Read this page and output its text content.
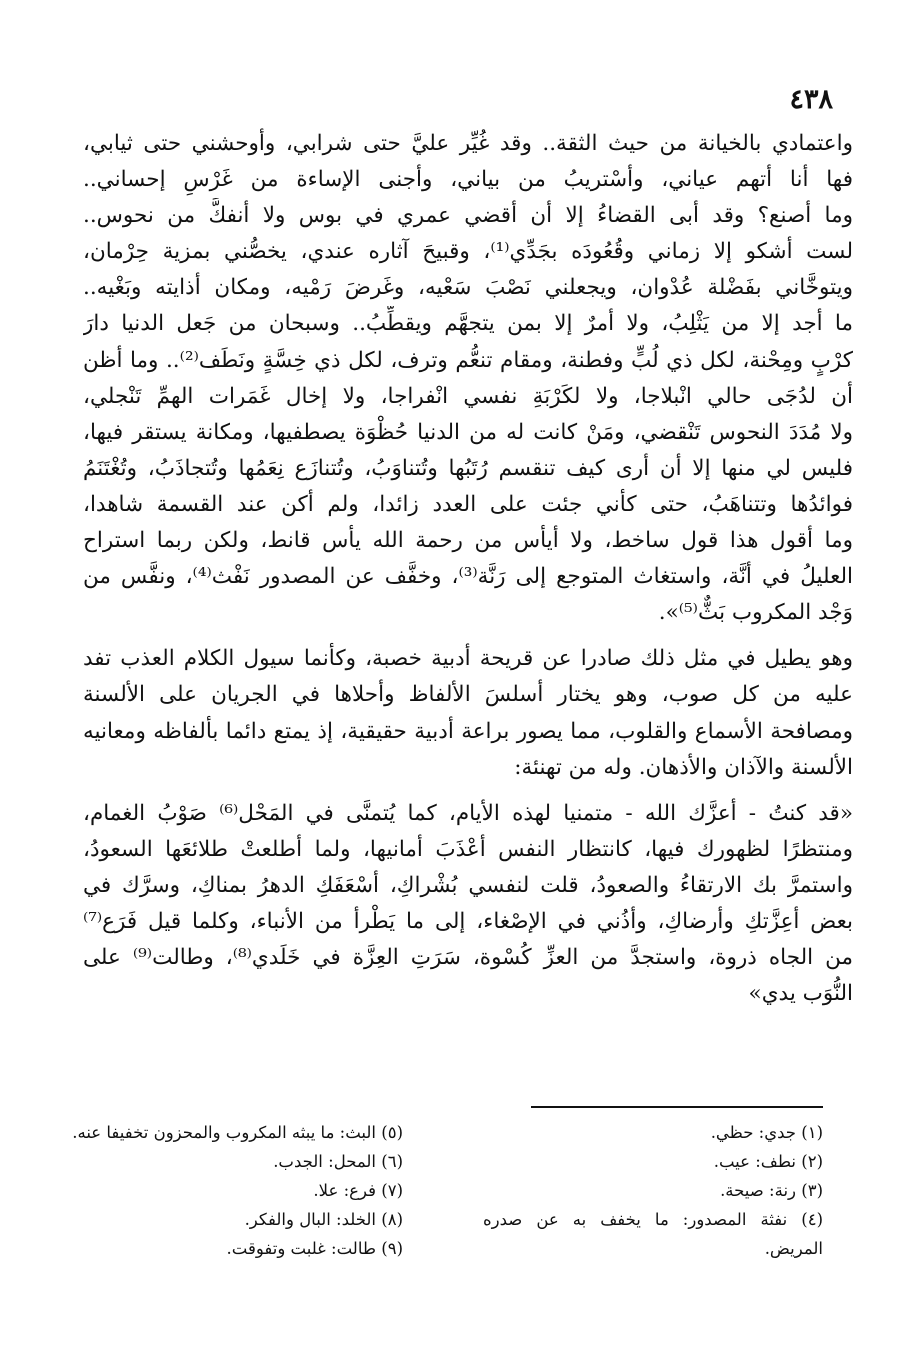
٤٣٨
واعتمادي بالخيانة من حيث الثقة.. وقد غُيِّر عليَّ حتى شرابي، وأوحشني حتى ثيابي،
فها أنا أتهم عياني، وأسْتريبُ من بياني، وأجنى الإساءة من غَرْسِ إحساني..
وما أصنع؟ وقد أبى القضاءُ إلا أن أقضي عمري في بوس ولا أنفكَّ من نحوس..
لست أشكو إلا زماني وقُعُودَه بجَدِّي⁽¹⁾، وقبيحَ آثاره عندي، يخصُّني بمزية حِرْمان،
ويتوخَّاني بفَضْلة عُدْوان، ويجعلني نَصْبَ سَعْيه، وغَرضَ رَمْيه، ومكان أذايته وبَغْيه..
ما أجد إلا من يَثْلِبُ، ولا أمرٌ إلا بمن يتجهَّم ويقطِّبُ.. وسبحان من جَعل الدنيا دارَ
كرْبٍ ومِحْنة، لكل ذي لُبٍّ وفطنة، ومقام تنعُّم وترف، لكل ذي خِسَّةٍ ونَطَف⁽²⁾.. وما أظن
أن لدُجَى حالي انْبلاجا، ولا لكَرْبَةِ نفسي انْفراجا، ولا إخال غَمَرات الهمِّ تَنْجلي،
ولا مُدَدَ النحوس تَنْقضي، ومَنْ كانت له من الدنيا حُظْوَة يصطفيها، ومكانة يستقر فيها،
فليس لي منها إلا أن أرى كيف تنقسم رُتَبُها وتُتناوَبُ، وتُتنازَع نِعَمُها وتُتجاذَبُ، وتُغْتَنَمُ
فوائدُها وتتناهَبُ، حتى كأني جئت على العدد زائدا، ولم أكن عند القسمة شاهدا،
وما أقول هذا قول ساخط، ولا أيأس من رحمة الله يأس قانط، ولكن ربما استراح
العليلُ في أنَّة، واستغاث المتوجع إلى رَنَّة⁽³⁾، وخفَّف عن المصدور نَفْث⁽⁴⁾، ونفَّس من
وَجْد المكروب بَثٌّ⁽⁵⁾».
وهو يطيل في مثل ذلك صادرا عن قريحة أدبية خصبة، وكأنما سيول الكلام العذب تفد
عليه من كل صوب، وهو يختار أسلسَ الألفاظ وأحلاها في الجريان على الألسنة
ومصافحة الأسماع والقلوب، مما يصور براعة أدبية حقيقية، إذ يمتع دائما بألفاظه ومعانيه
الألسنة والآذان والأذهان. وله من تهنئة:
«قد كنتُ - أعزَّك الله - متمنيا لهذه الأيام، كما يُتمنَّى في المَحْل⁽⁶⁾ صَوْبُ الغمام،
ومنتظرًا لظهورك فيها، كانتظار النفس أعْذَبَ أمانيها، ولما أطلعتْ طلائعَها السعودُ،
واستمرَّ بك الارتقاءُ والصعودُ، قلت لنفسي بُشْراكِ، أسْعَفَكِ الدهرُ بمناكِ، وسرَّك في
بعض أعِزَّتكِ وأرضاكِ، وأذُني في الإصْغاء، إلى ما يَطْرأ من الأنباء، وكلما قيل فَرَع⁽⁷⁾
من الجاه ذروة، واستجدَّ من العزِّ كُسْوة، سَرَتِ العِزَّة في خَلَدي⁽⁸⁾، وطالت⁽⁹⁾ على
النُّوَب يدي»
(١) جدي: حظي.
(٢) نطف: عيب.
(٣) رنة: صيحة.
(٤) نفثة المصدور: ما يخفف به عن صدره
المريض.
(٥) البث: ما يبثه المكروب والمحزون تخفيفا عنه.
(٦) المحل: الجدب.
(٧) فرع: علا.
(٨) الخلد: البال والفكر.
(٩) طالت: غلبت وتفوقت.
